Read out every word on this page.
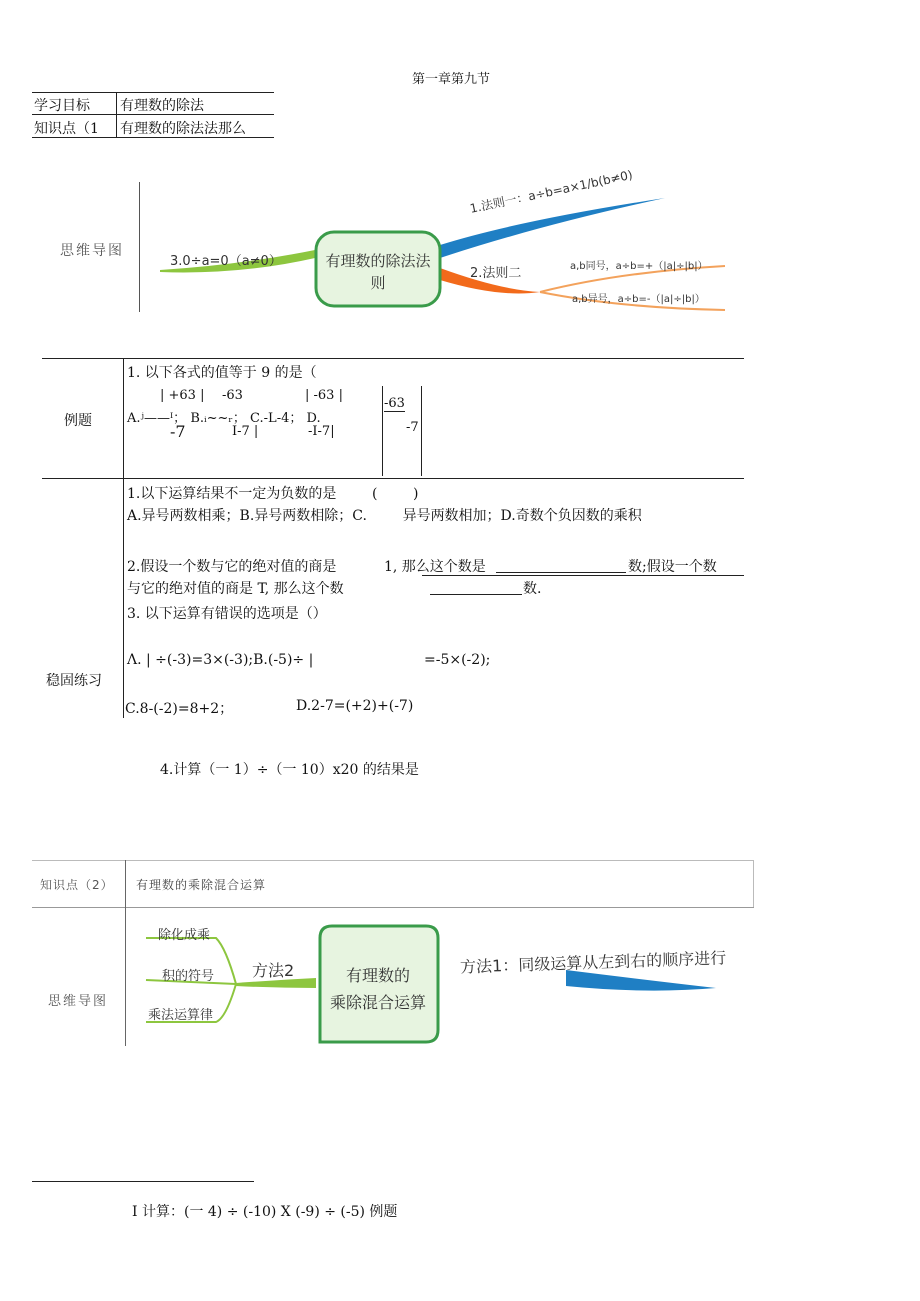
第一章第九节
学习目标 有理数的除法
知识点（1 有理数的除法法那么
思维导图
有理数的除法法则
3.0÷a=0（a≠0）
1.法则一：a÷b=a×1/b(b≠0)
2.法则二	a,b同号，a÷b=+（|a|÷|b|）
a,b异号，a÷b=-（|a|÷|b|）
例题
1. 以下各式的值等于 9 的是（
| +63 | -63	| -63 |
A.ʲ——ᴵ； B.ᵢ~~ᵣ； C.-L-4； D.
-7	I-7 |	-I-7|
-63
-7
稳固练习
1.以下运算结果不一定为负数的是        (        )
A.异号两数相乘；B.异号两数相除；C.        异号两数相加；D.奇数个负因数的乘积
2.假设一个数与它的绝对值的商是	1, 那么这个数是	数;假设一个数
与它的绝对值的商是 T, 那么这个数	数.
3. 以下运算有错误的选项是（）
Λ. | ÷(-3)=3×(-3);B.(-5)÷ |	=-5×(-2);
C.8-(-2)=8+2；	D.2-7=(+2)+(-7)
4.计算（一 1）÷（一 10）x20 的结果是
知识点（2） 有理数的乘除混合运算
思维导图
有理数的
乘除混合运算
方法1：同级运算从左到右的顺序进行
方法2
除化成乘
积的符号
乘法运算律
I 计算：(一 4) ÷ (-10) X (-9) ÷ (-5) 例题
